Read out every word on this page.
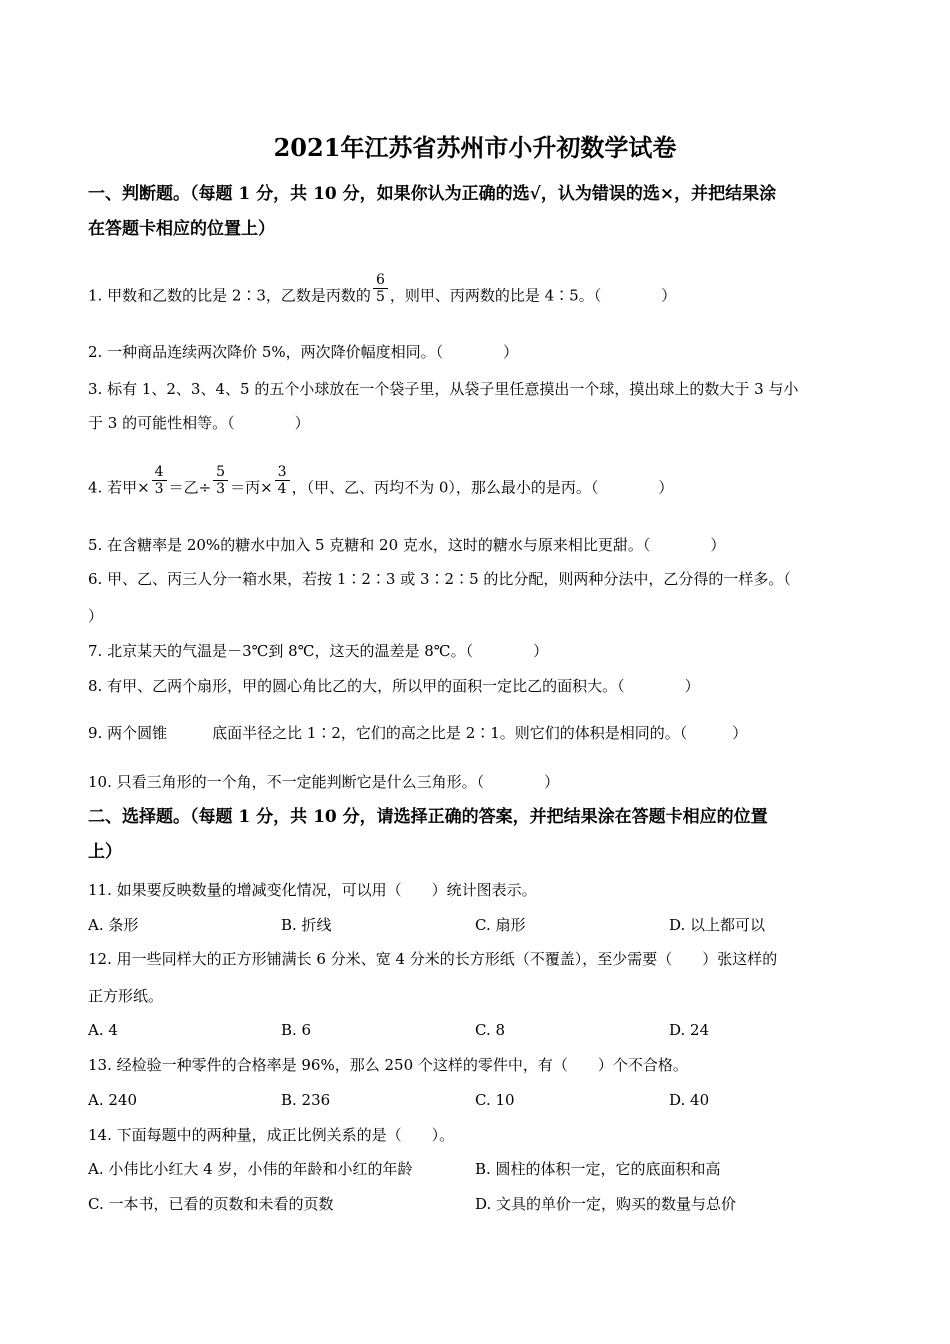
2021年江苏省苏州市小升初数学试卷
一、判断题。（每题 1 分，共 10 分，如果你认为正确的选√，认为错误的选×，并把结果涂
在答题卡相应的位置上）
1. 甲数和乙数的比是 2∶3，乙数是丙数的 $\frac{6}{5}$ ，则甲、丙两数的比是 4∶5。（　　　　）
2. 一种商品连续两次降价 5%，两次降价幅度相同。（　　　　）
3. 标有 1、2、3、4、5 的五个小球放在一个袋子里，从袋子里任意摸出一个球，摸出球上的数大于 3 与小
于 3 的可能性相等。（　　　　）
4. 若甲× $\frac{4}{3}$ ＝乙÷ $\frac{5}{3}$ ＝丙× $\frac{3}{4}$ ，（甲、乙、丙均不为 0），那么最小的是丙。（　　　　）
5. 在含糖率是 20%的糖水中加入 5 克糖和 20 克水，这时的糖水与原来相比更甜。（　　　　）
6. 甲、乙、丙三人分一箱水果，若按 1∶2∶3 或 3∶2∶5 的比分配，则两种分法中，乙分得的一样多。（
）
7. 北京某天的气温是－3℃到 8℃，这天的温差是 8℃。（　　　　）
8. 有甲、乙两个扇形，甲的圆心角比乙的大，所以甲的面积一定比乙的面积大。（　　　　）
9. 两个圆锥　　　底面半径之比 1∶2，它们的高之比是 2∶1。则它们的体积是相同的。（　　　）
10. 只看三角形的一个角，不一定能判断它是什么三角形。（　　　　）
二、选择题。（每题 1 分，共 10 分，请选择正确的答案，并把结果涂在答题卡相应的位置
上）
11. 如果要反映数量的增减变化情况，可以用（　　）统计图表示。
A. 条形	B. 折线	C. 扇形	D. 以上都可以
12. 用一些同样大的正方形铺满长 6 分米、宽 4 分米的长方形纸（不覆盖），至少需要（　　）张这样的
正方形纸。
A. 4	B. 6	C. 8	D. 24
13. 经检验一种零件的合格率是 96%，那么 250 个这样的零件中，有（　　）个不合格。
A. 240	B. 236	C. 10	D. 40
14. 下面每题中的两种量，成正比例关系的是（　　）。
A. 小伟比小红大 4 岁，小伟的年龄和小红的年龄	B. 圆柱的体积一定，它的底面积和高
C. 一本书，已看的页数和未看的页数	D. 文具的单价一定，购买的数量与总价
